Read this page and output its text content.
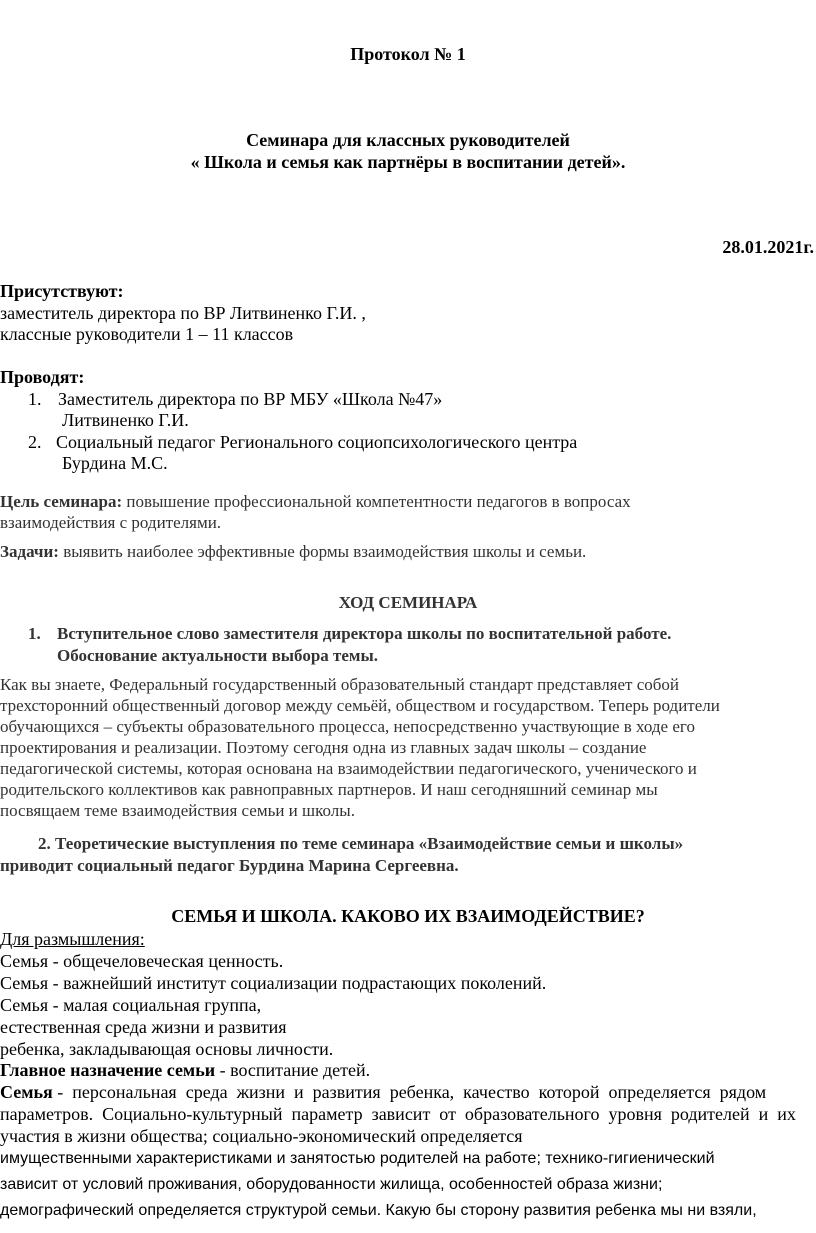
Протокол № 1
Семинара для классных руководителей
« Школа и семья как партнёры в воспитании детей».
28.01.2021г.
Присутствуют:
заместитель директора по ВР Литвиненко Г.И. ,
классные руководители 1 – 11 классов
Проводят:
1. Заместитель директора по ВР МБУ «Школа №47»
Литвиненко Г.И.
2. Социальный педагог Регионального социопсихологического центра
Бурдина М.С.
Цель семинара: повышение профессиональной компетентности педагогов в вопросах
взаимодействия с родителями.
Задачи: выявить наиболее эффективные формы взаимодействия школы и семьи.
ХОД СЕМИНАРА
1. Вступительное слово заместителя директора школы по воспитательной работе.
Обоснование актуальности выбора темы.
Как вы знаете, Федеральный государственный образовательный стандарт представляет собой
трехсторонний общественный договор между семьёй, обществом и государством. Теперь родители
обучающихся – субъекты образовательного процесса, непосредственно участвующие в ходе его
проектирования и реализации. Поэтому сегодня одна из главных задач школы – создание
педагогической системы, которая основана на взаимодействии педагогического, ученического и
родительского коллективов как равноправных партнеров. И наш сегодняшний семинар мы
посвящаем теме взаимодействия семьи и школы.
2. Теоретические выступления по теме семинара «Взаимодействие семьи и школы»
приводит социальный педагог Бурдина Марина Сергеевна.
СЕМЬЯ И ШКОЛА. КАКОВО ИХ ВЗАИМОДЕЙСТВИЕ?
Для размышления:
Семья - общечеловеческая ценность.
Семья - важнейший институт социализации подрастающих поколений.
Семья - малая социальная группа,
естественная среда жизни и развития
ребенка, закладывающая основы личности.
Главное назначение семьи - воспитание детей.
Семья -  персональная  среда  жизни  и  развития  ребенка,  качество  которой  определяется  рядом
параметров.  Социально-культурный  параметр  зависит  от  образовательного  уровня  родителей  и  их
участия в жизни общества; социально-экономический определяется
имущественными характеристиками и занятостью родителей на работе; технико-гигиенический
зависит от условий проживания, оборудованности жилища, особенностей образа жизни;
демографический определяется структурой семьи. Какую бы сторону развития ребенка мы ни взяли,
